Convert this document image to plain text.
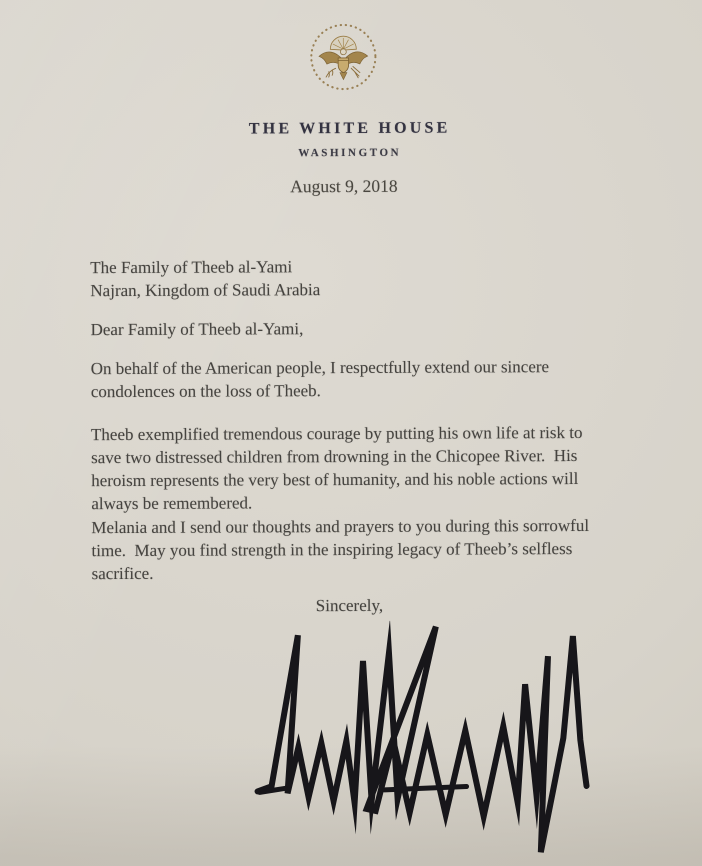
THE WHITE HOUSE
WASHINGTON
August 9, 2018
The Family of Theeb al-Yami
Najran, Kingdom of Saudi Arabia
Dear Family of Theeb al-Yami,
On behalf of the American people, I respectfully extend our sincere
condolences on the loss of Theeb.
Theeb exemplified tremendous courage by putting his own life at risk to
save two distressed children from drowning in the Chicopee River.  His
heroism represents the very best of humanity, and his noble actions will
always be remembered.
Melania and I send our thoughts and prayers to you during this sorrowful
time.  May you find strength in the inspiring legacy of Theeb’s selfless
sacrifice.
Sincerely,
